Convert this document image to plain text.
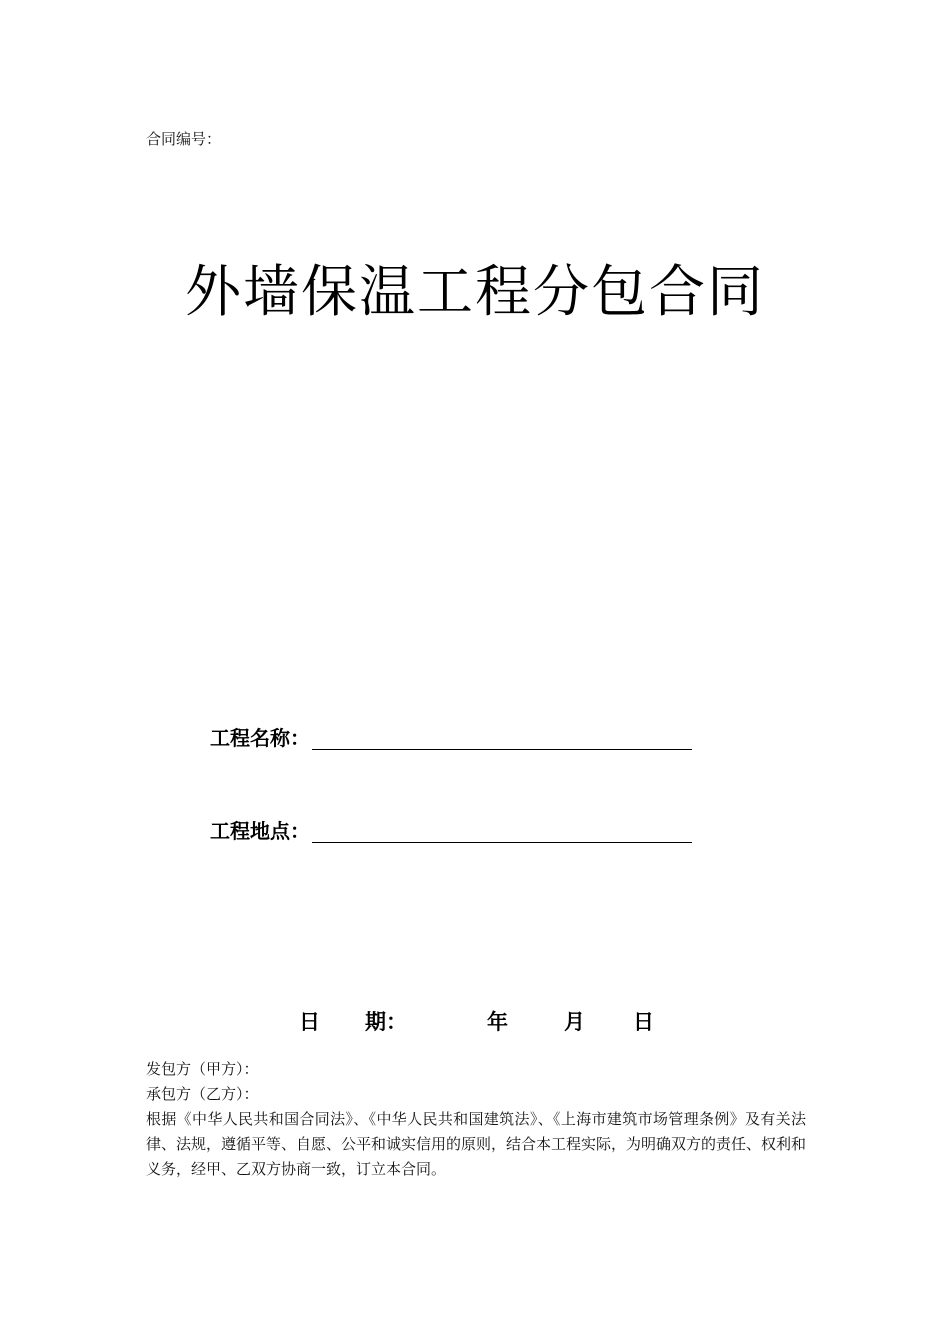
合同编号：
外墙保温工程分包合同
工程名称：
工程地点：
日 期：	年	月 日
发包方（甲方）：
承包方（乙方）：
根据《中华人民共和国合同法》、《中华人民共和国建筑法》、《上海市建筑市场管理条例》及有关法律、法规，遵循平等、自愿、公平和诚实信用的原则，结合本工程实际，为明确双方的责任、权利和义务，经甲、乙双方协商一致，订立本合同。
